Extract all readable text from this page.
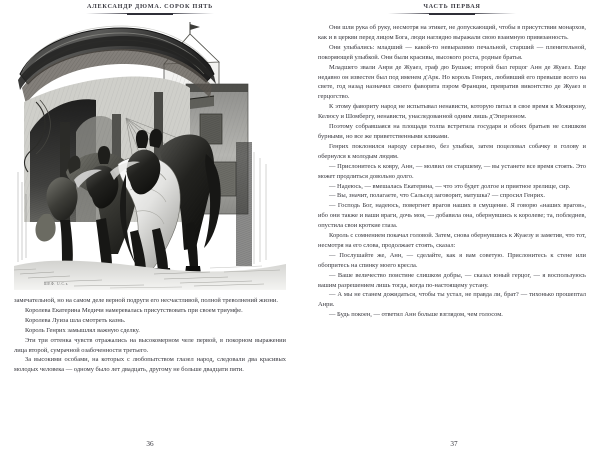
АЛЕКСАНДР ДЮМА. СОРОК ПЯТЬ
ШЕФ. U.С.ь

замечательной, но на самом деле верной подруги его несчастливой, полной треволнений жизни.

Королева Екатерина Медичи намеревалась присутствовать при своем триумфе.

Королева Луиза шла смотреть казнь.

Король Генрих замышлял важную сделку.

Эти три оттенка чувств отражались на высокомерном челе первой, в покорном выражении лица второй, сумрачной озабоченности третьего.

За высокими особами, на которых с любопытством глазел народ, следовали два красивых молодых человека — одному было лет двадцать, другому не больше двадцати пяти.

36
ЧАСТЬ ПЕРВАЯ

Они шли рука об руку, несмотря на этикет, не допускающий, чтобы в присутствии монархов, как и в церкви перед лицом Бога, люди наглядно выражали свою взаимную привязанность.

Они улыбались: младший — какой-то невыразимо печальной, старший — пленительной, покоряющей улыбкой. Они были красивы, высокого роста, родные братья.

Младшего звали Анри де Жуаез, граф дю Бушаж; второй был герцог Анн де Жуаез. Еще недавно он известен был под именем д'Арк. Но король Генрих, любивший его превыше всего на свете, год назад назначил своего фаворита пэром Франции, превратив виконтство де Жуаез в герцогство.

К этому фавориту народ не испытывал ненависти, которую питал в свое время к Можирону, Келюсу и Шомбергу, ненависти, унаследованной одним лишь д'Эперноном.

Поэтому собравшаяся на площади толпа встретила государя и обоих братьев не слишком бурными, но все же приветственными кликами.

Генрих поклонился народу серьезно, без улыбки, затем поцеловал собачку в голову и обернулся к молодым людям.

— Прислонитесь к ковру, Анн, — молвил он старшему, — вы устанете все время стоять. Это может продлиться довольно долго.

— Надеюсь, — вмешалась Екатерина, — что это будет долгое и приятное зрелище, сир.

— Вы, значит, полагаете, что Сальсед заговорит, матушка? — спросил Генрих.

— Господь Бог, надеюсь, повергнет врагов наших в смущение. Я говорю «наших врагов», ибо они также и ваши враги, дочь моя, — добавила она, обернувшись к королеве; та, побледнев, опустила свои кроткие глаза.

Король с сомнением покачал головой. Затем, снова обернувшись к Жуаезу и заметив, что тот, несмотря на его слова, продолжает стоять, сказал:

— Послушайте же, Анн, — сделайте, как я вам советую. Прислонитесь к стене или обопритесь на спинку моего кресла.

— Ваше величество поистине слишком добры, — сказал юный герцог, — я воспользуюсь вашим разрешением лишь тогда, когда по-настоящему устану.

— А мы не станем дожидаться, чтобы ты устал, не правда ли, брат? — тихонько прошептал Анри.

— Будь покоен, — ответил Анн больше взглядом, чем голосом.

37
